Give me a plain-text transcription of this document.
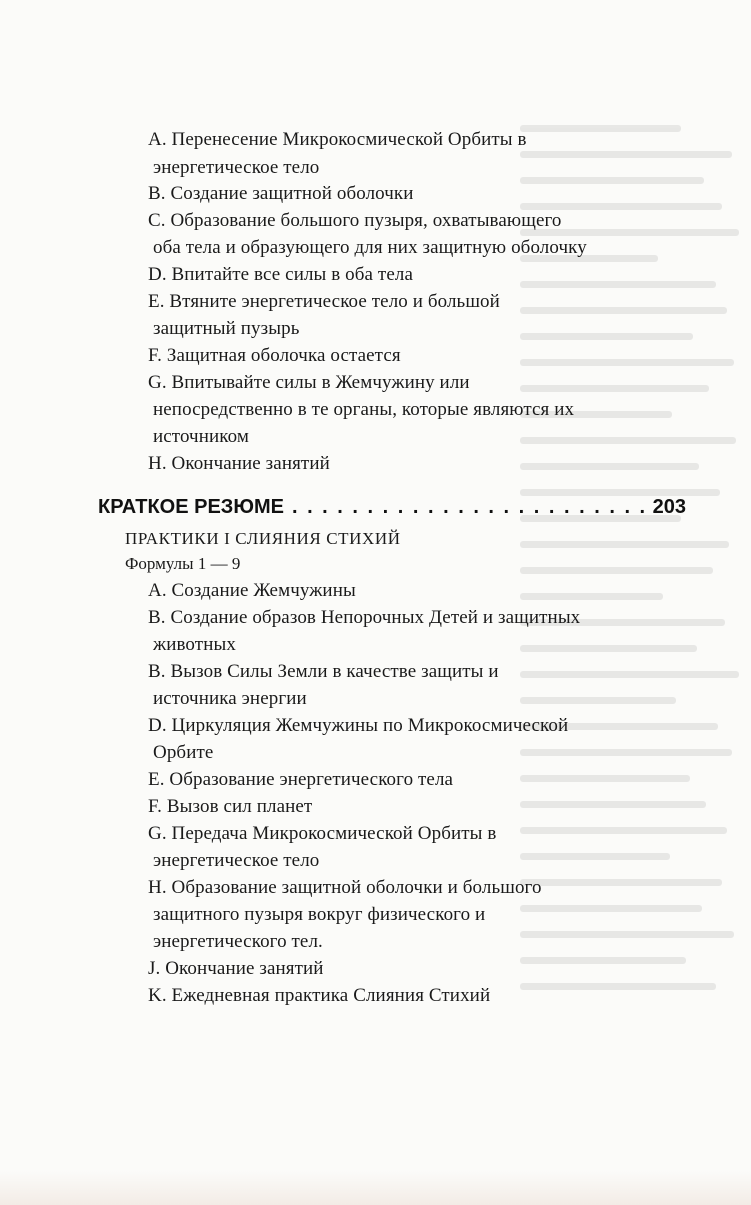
А. Перенесение Микрокосмической Орбиты в
энергетическое тело
B. Создание защитной оболочки
C. Образование большого пузыря, охватывающего
оба тела и образующего для них защитную оболочку
D. Впитайте все силы в оба тела
E. Втяните энергетическое тело и большой
защитный пузырь
F. Защитная оболочка остается
G. Впитывайте силы в Жемчужину или
непосредственно в те органы, которые являются их
источником
H. Окончание занятий
КРАТКОЕ РЕЗЮМЕ
. . .	203
ПРАКТИКИ I СЛИЯНИЯ СТИХИЙ
Формулы 1 — 9
A. Создание Жемчужины
B. Создание образов Непорочных Детей и защитных
животных
B. Вызов Силы Земли в качестве защиты и
источника энергии
D. Циркуляция Жемчужины по Микрокосмической
Орбите
E. Образование энергетического тела
F. Вызов сил планет
G. Передача Микрокосмической Орбиты в
энергетическое тело
H. Образование защитной оболочки и большого
защитного пузыря вокруг физического и
энергетического тел.
J. Окончание занятий
K. Ежедневная практика Слияния Стихий
